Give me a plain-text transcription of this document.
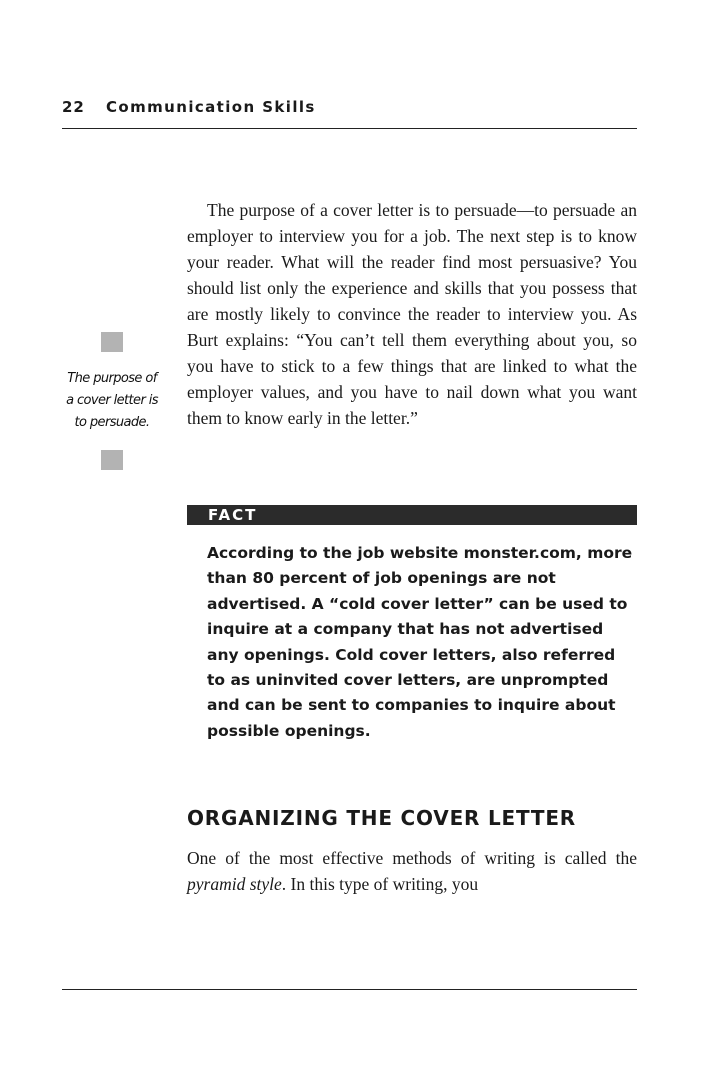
22 Communication Skills

The purpose of a cover letter is to persuade—to persuade an employer to interview you for a job. The next step is to know your reader. What will the reader find most persuasive? You should list only the experience and skills that you possess that are mostly likely to convince the reader to interview you. As Burt explains: “You can’t tell them everything about you, so you have to stick to a few things that are linked to what the employer values, and you have to nail down what you want them to know early in the letter.”

The purpose of a cover letter is to persuade.
FACT

According to the job website monster.com, more than 80 percent of job openings are not advertised. A “cold cover letter” can be used to inquire at a company that has not advertised any openings. Cold cover letters, also referred to as uninvited cover letters, are unprompted and can be sent to companies to inquire about possible openings.

ORGANIZING THE COVER LETTER

One of the most effective methods of writing is called the pyramid style. In this type of writing, you
